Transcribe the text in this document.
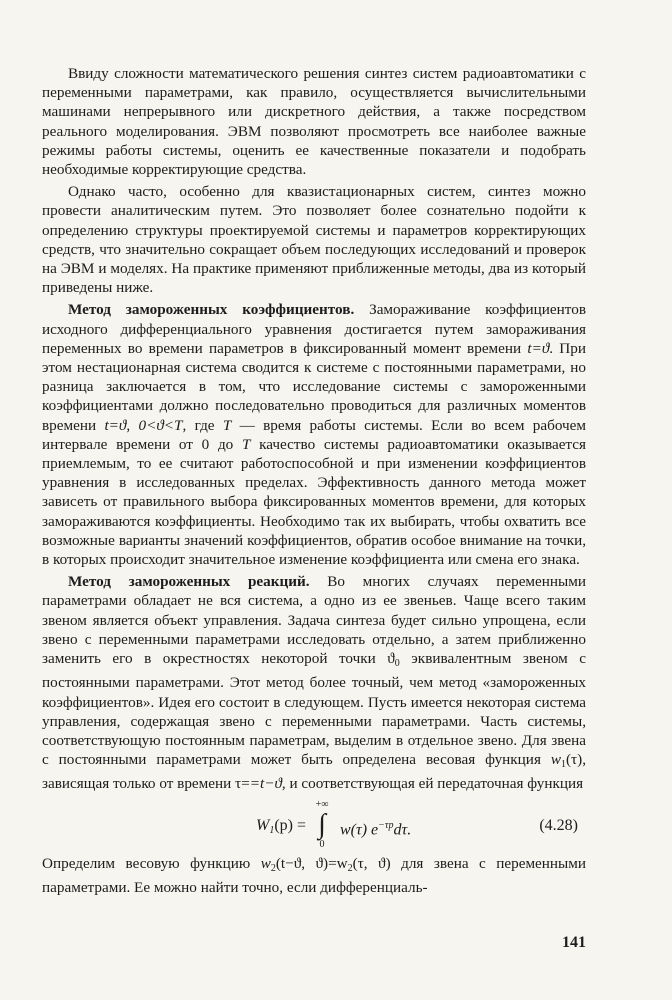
Ввиду сложности математического решения синтез систем радиоавтоматики с переменными параметрами, как правило, осуществляется вычислительными машинами непрерывного или дискретного действия, а также посредством реального моделирования. ЭВМ позволяют просмотреть все наиболее важные режимы работы системы, оценить ее качественные показатели и подобрать необходимые корректирующие средства.

Однако часто, особенно для квазистационарных систем, синтез можно провести аналитическим путем. Это позволяет более сознательно подойти к определению структуры проектируемой системы и параметров корректирующих средств, что значительно сокращает объем последующих исследований и проверок на ЭВМ и моделях. На практике применяют приближенные методы, два из который приведены ниже.

Метод замороженных коэффициентов. Замораживание коэффициентов исходного дифференциального уравнения достигается путем замораживания переменных во времени параметров в фиксированный момент времени t=ϑ. При этом нестационарная система сводится к системе с постоянными параметрами, но разница заключается в том, что исследование системы с замороженными коэффициентами должно последовательно проводиться для различных моментов времени t=ϑ, 0<ϑ<T, где T — время работы системы. Если во всем рабочем интервале времени от 0 до T качество системы радиоавтоматики оказывается приемлемым, то ее считают работоспособной и при изменении коэффициентов уравнения в исследованных пределах. Эффективность данного метода может зависеть от правильного выбора фиксированных моментов времени, для которых замораживаются коэффициенты. Необходимо так их выбирать, чтобы охватить все возможные варианты значений коэффициентов, обратив особое внимание на точки, в которых происходит значительное изменение коэффициента или смена его знака.

Метод замороженных реакций. Во многих случаях переменными параметрами обладает не вся система, а одно из ее звеньев. Чаще всего таким звеном является объект управления. Задача синтеза будет сильно упрощена, если звено с переменными параметрами исследовать отдельно, а затем приближенно заменить его в окрестностях некоторой точки $ϑ_0$ эквивалентным звеном с постоянными параметрами. Этот метод более точный, чем метод «замороженных коэффициентов». Идея его состоит в следующем. Пусть имеется некоторая система управления, содержащая звено с переменными параметрами. Часть системы, соответствующую постоянным параметрам, выделим в отдельное звено. Для звена с постоянными параметрами может быть определена весовая функция $w_1(\tau)$, зависящая только от времени τ==t−ϑ, и соответствующая ей передаточная функция

$W_1(p)$ =
+∞
∫
0
w(τ) $e^{-\tau p}d\tau$.	(4.28)

Определим весовую функцию $w_2(t-ϑ$, $ϑ)=w_2(\tau$, ϑ) для звена с переменными параметрами. Ее можно найти точно, если дифференциаль-

141
